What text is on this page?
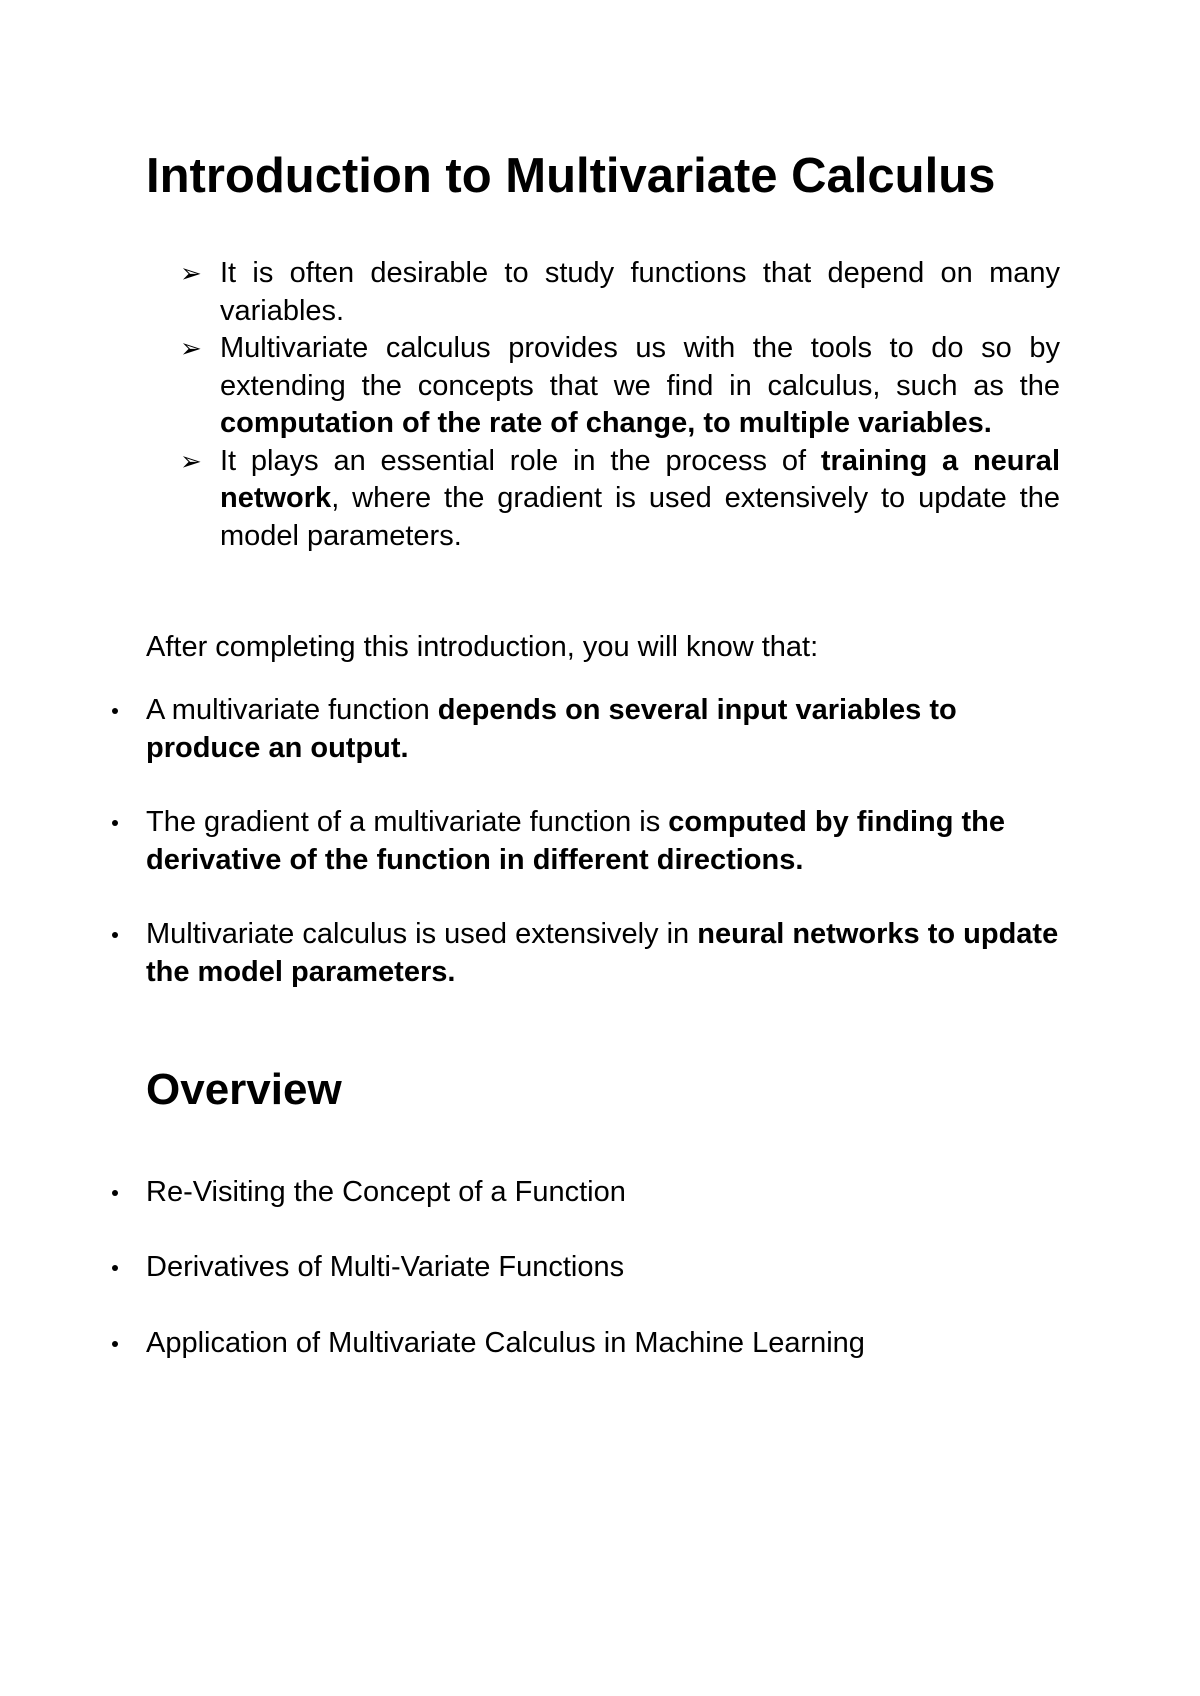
Introduction to Multivariate Calculus
➢ It is often desirable to study functions that depend on many variables.
➢ Multivariate calculus provides us with the tools to do so by extending the concepts that we find in calculus, such as the computation of the rate of change, to multiple variables.
➢ It plays an essential role in the process of training a neural network, where the gradient is used extensively to update the model parameters.
After completing this introduction, you will know that:
A multivariate function depends on several input variables to produce an output.
The gradient of a multivariate function is computed by finding the derivative of the function in different directions.
Multivariate calculus is used extensively in neural networks to update the model parameters.
Overview
Re-Visiting the Concept of a Function
Derivatives of Multi-Variate Functions
Application of Multivariate Calculus in Machine Learning
